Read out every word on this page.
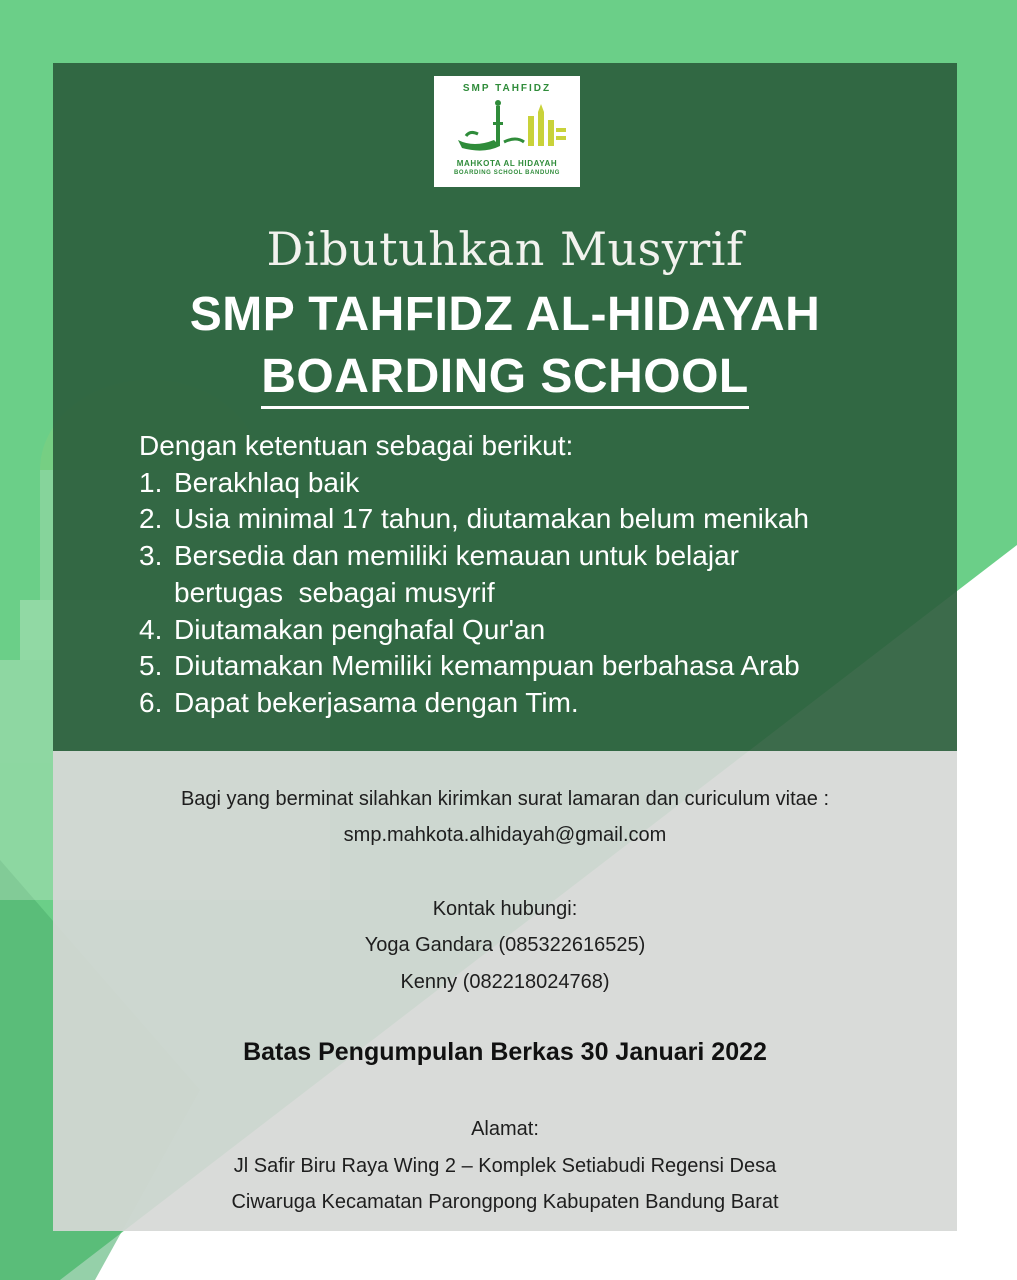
SMP TAHFIDZ
MAHKOTA AL HIDAYAH
BOARDING SCHOOL BANDUNG
Dibutuhkan Musyrif
SMP TAHFIDZ AL-HIDAYAH
BOARDING SCHOOL
Dengan ketentuan sebagai berikut:
1. Berakhlaq baik
2. Usia minimal 17 tahun, diutamakan belum menikah
3. Bersedia dan memiliki kemauan untuk belajar
bertugas  sebagai musyrif
4. Diutamakan penghafal Qur'an
5. Diutamakan Memiliki kemampuan berbahasa Arab
6. Dapat bekerjasama dengan Tim.
Bagi yang berminat silahkan kirimkan surat lamaran dan curiculum vitae :
smp.mahkota.alhidayah@gmail.com
Kontak hubungi:
Yoga Gandara (085322616525)
Kenny (082218024768)
Batas Pengumpulan Berkas 30 Januari 2022
Alamat:
Jl Safir Biru Raya Wing 2 – Komplek Setiabudi Regensi Desa
Ciwaruga Kecamatan Parongpong Kabupaten Bandung Barat
